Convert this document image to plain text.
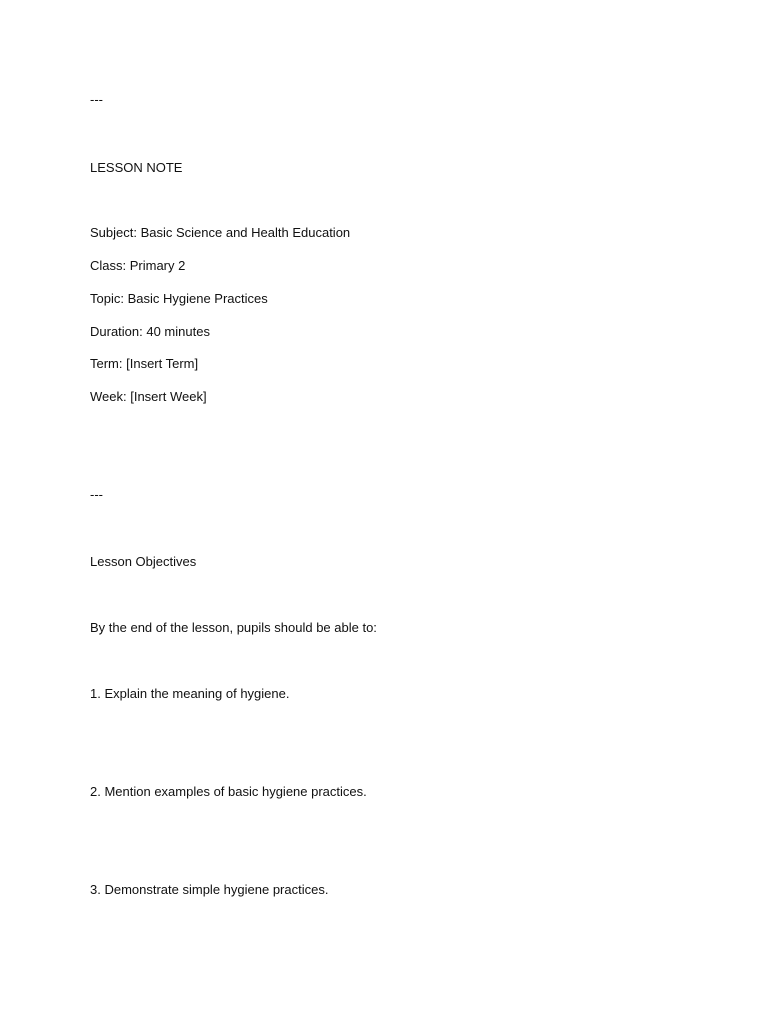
---
LESSON NOTE
Subject: Basic Science and Health Education
Class: Primary 2
Topic: Basic Hygiene Practices
Duration: 40 minutes
Term: [Insert Term]
Week: [Insert Week]
---
Lesson Objectives
By the end of the lesson, pupils should be able to:
1. Explain the meaning of hygiene.
2. Mention examples of basic hygiene practices.
3. Demonstrate simple hygiene practices.
